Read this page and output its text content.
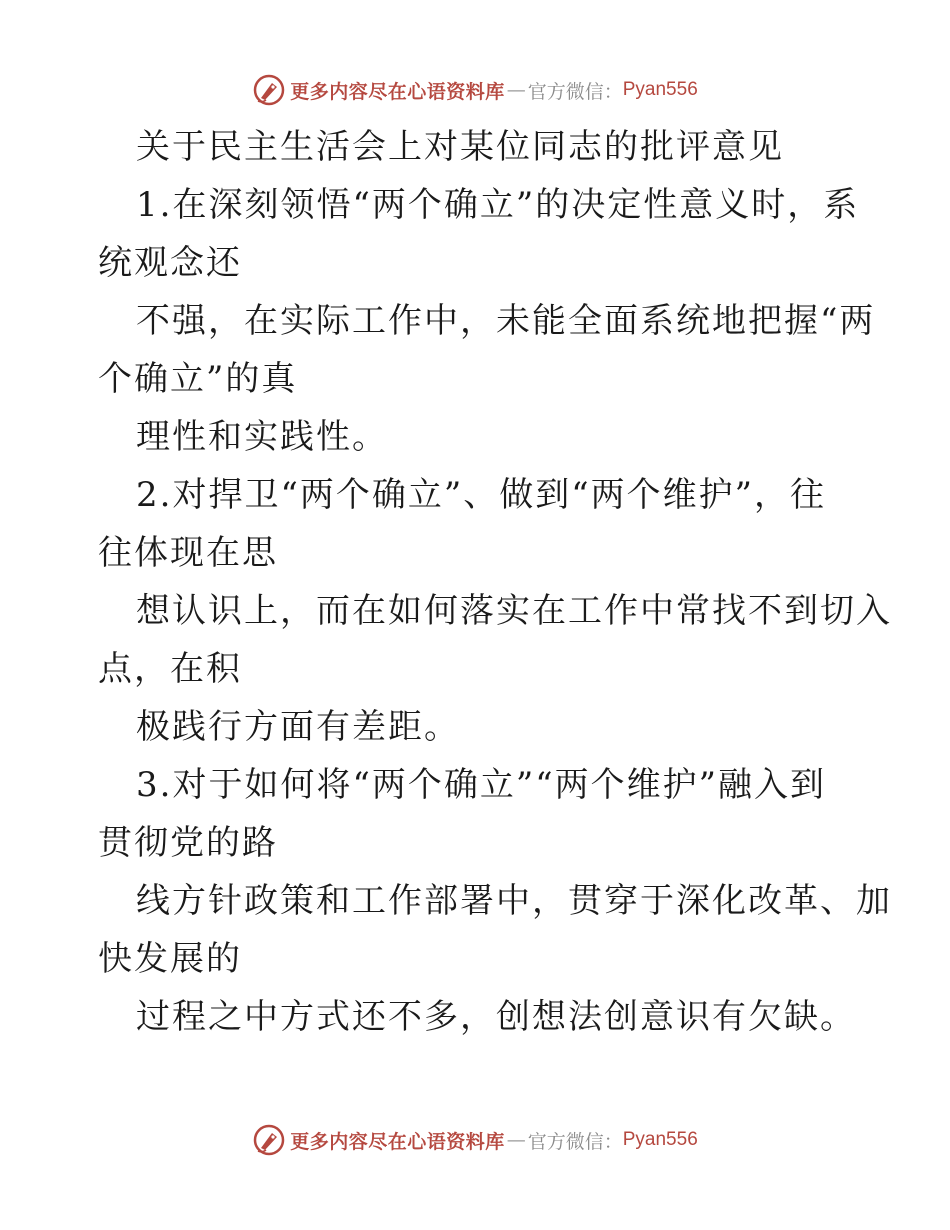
更多内容尽在心语资料库 — 官方微信： Pyan556
关于民主生活会上对某位同志的批评意见
1.在深刻领悟“两个确立”的决定性意义时，系
统观念还
不强，在实际工作中，未能全面系统地把握“两
个确立”的真
理性和实践性。
2.对捍卫“两个确立”、做到“两个维护”，往
往体现在思
想认识上，而在如何落实在工作中常找不到切入
点，在积
极践行方面有差距。
3.对于如何将“两个确立”“两个维护”融入到
贯彻党的路
线方针政策和工作部署中，贯穿于深化改革、加
快发展的
过程之中方式还不多，创想法创意识有欠缺。
更多内容尽在心语资料库 — 官方微信： Pyan556
